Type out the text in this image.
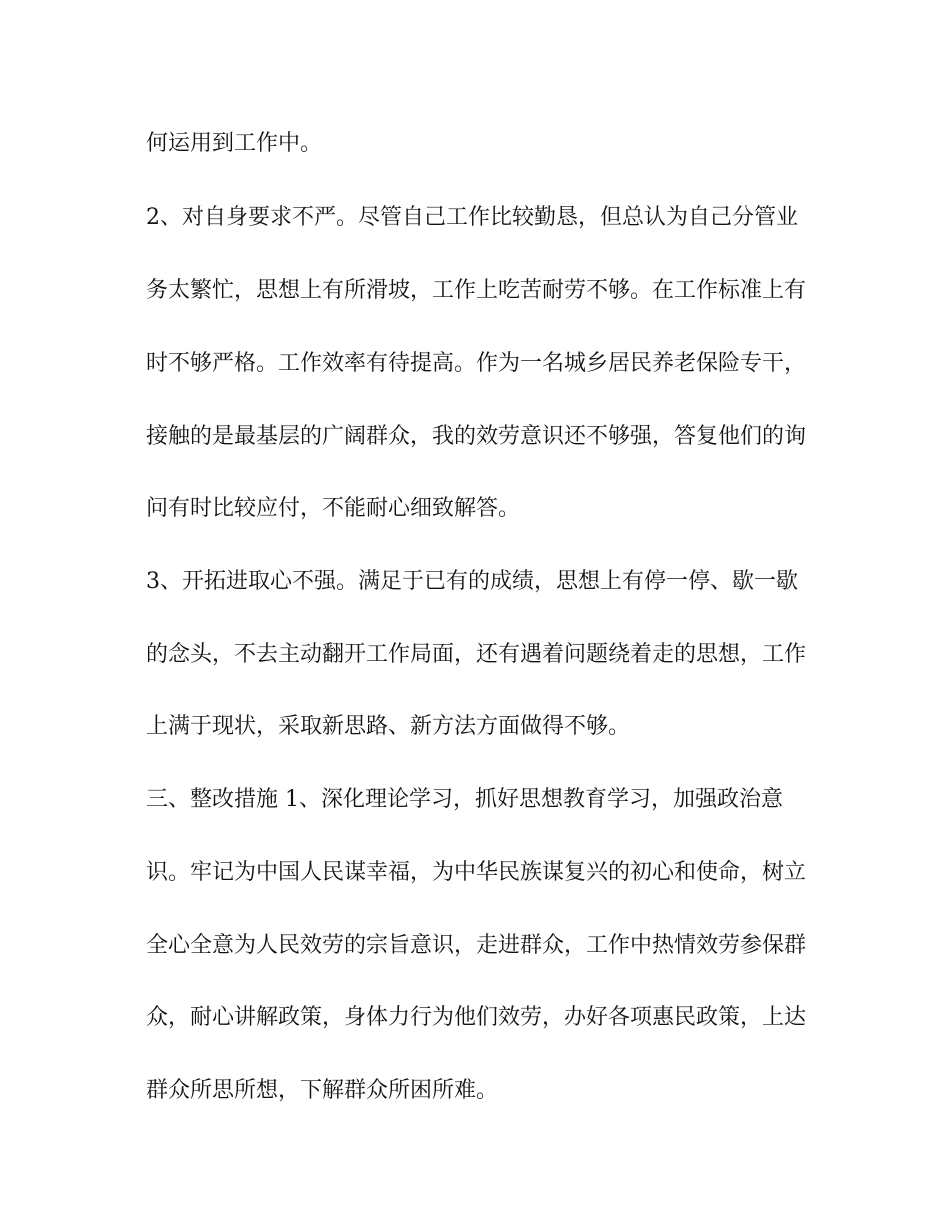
何运用到工作中。

2、对自身要求不严。尽管自己工作比较勤恳，但总认为自己分管业

务太繁忙，思想上有所滑坡，工作上吃苦耐劳不够。在工作标准上有

时不够严格。工作效率有待提高。作为一名城乡居民养老保险专干，

接触的是最基层的广阔群众，我的效劳意识还不够强，答复他们的询

问有时比较应付，不能耐心细致解答。

3、开拓进取心不强。满足于已有的成绩，思想上有停一停、歇一歇

的念头，不去主动翻开工作局面，还有遇着问题绕着走的思想，工作

上满于现状，采取新思路、新方法方面做得不够。

三、整改措施 1、深化理论学习，抓好思想教育学习，加强政治意

识。牢记为中国人民谋幸福，为中华民族谋复兴的初心和使命，树立

全心全意为人民效劳的宗旨意识，走进群众，工作中热情效劳参保群

众，耐心讲解政策，身体力行为他们效劳，办好各项惠民政策，上达

群众所思所想，下解群众所困所难。
